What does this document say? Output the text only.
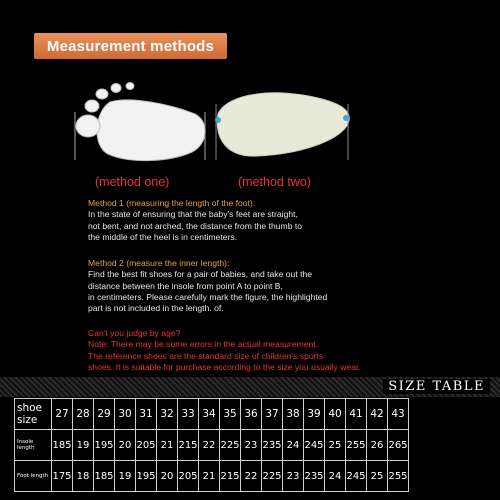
Measurement methods
(method one)	(method two)
Method 1 (measuring the length of the foot):
In the state of ensuring that the baby's feet are straight,
not bent, and not arched, the distance from the thumb to
the middle of the heel is in centimeters.
Method 2 (measure the inner length):
Find the best fit shoes for a pair of babies, and take out the
distance between the insole from point A to point B,
in centimeters. Please carefully mark the figure, the highlighted
part is not included in the length. of.
Can't you judge by age?
Note: There may be some errors in the actual measurement.
The reference shoes are the standard size of children's sports
shoes. It is suitable for purchase according to the size you usually wear.
SIZE TABLE
shoe size	27	28	29	30	31	32	33	34	35	36	37	38	39	40	41	42	43
Insole length	185	19	195	20	205	21	215	22	225	23	235	24	245	25	255	26	265
Foot length	175	18	185	19	195	20	205	21	215	22	225	23	235	24	245	25	255
